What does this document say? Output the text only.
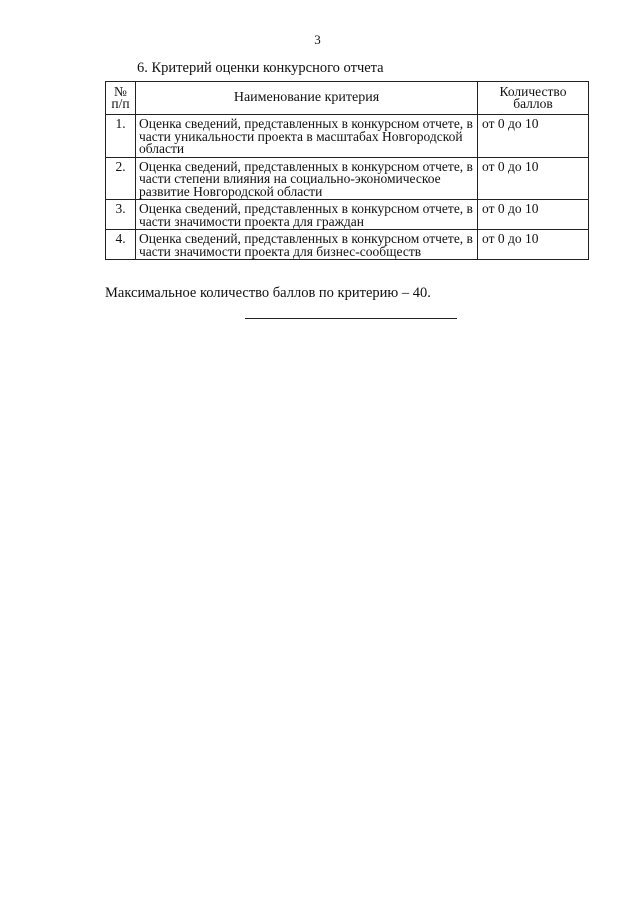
3
6. Критерий оценки конкурсного отчета
№ п/п	Наименование критерия	Количество баллов
1.	Оценка сведений, представленных в конкурсном отчете, в части уникальности проекта в масштабах Новгородской области	от 0 до 10
2.	Оценка сведений, представленных в конкурсном отчете, в части степени влияния на социально-экономическое развитие Новгородской области	от 0 до 10
3.	Оценка сведений, представленных в конкурсном отчете, в части значимости проекта для граждан	от 0 до 10
4.	Оценка сведений, представленных в конкурсном отчете, в части значимости проекта для бизнес-сообществ	от 0 до 10
Максимальное количество баллов по критерию – 40.
